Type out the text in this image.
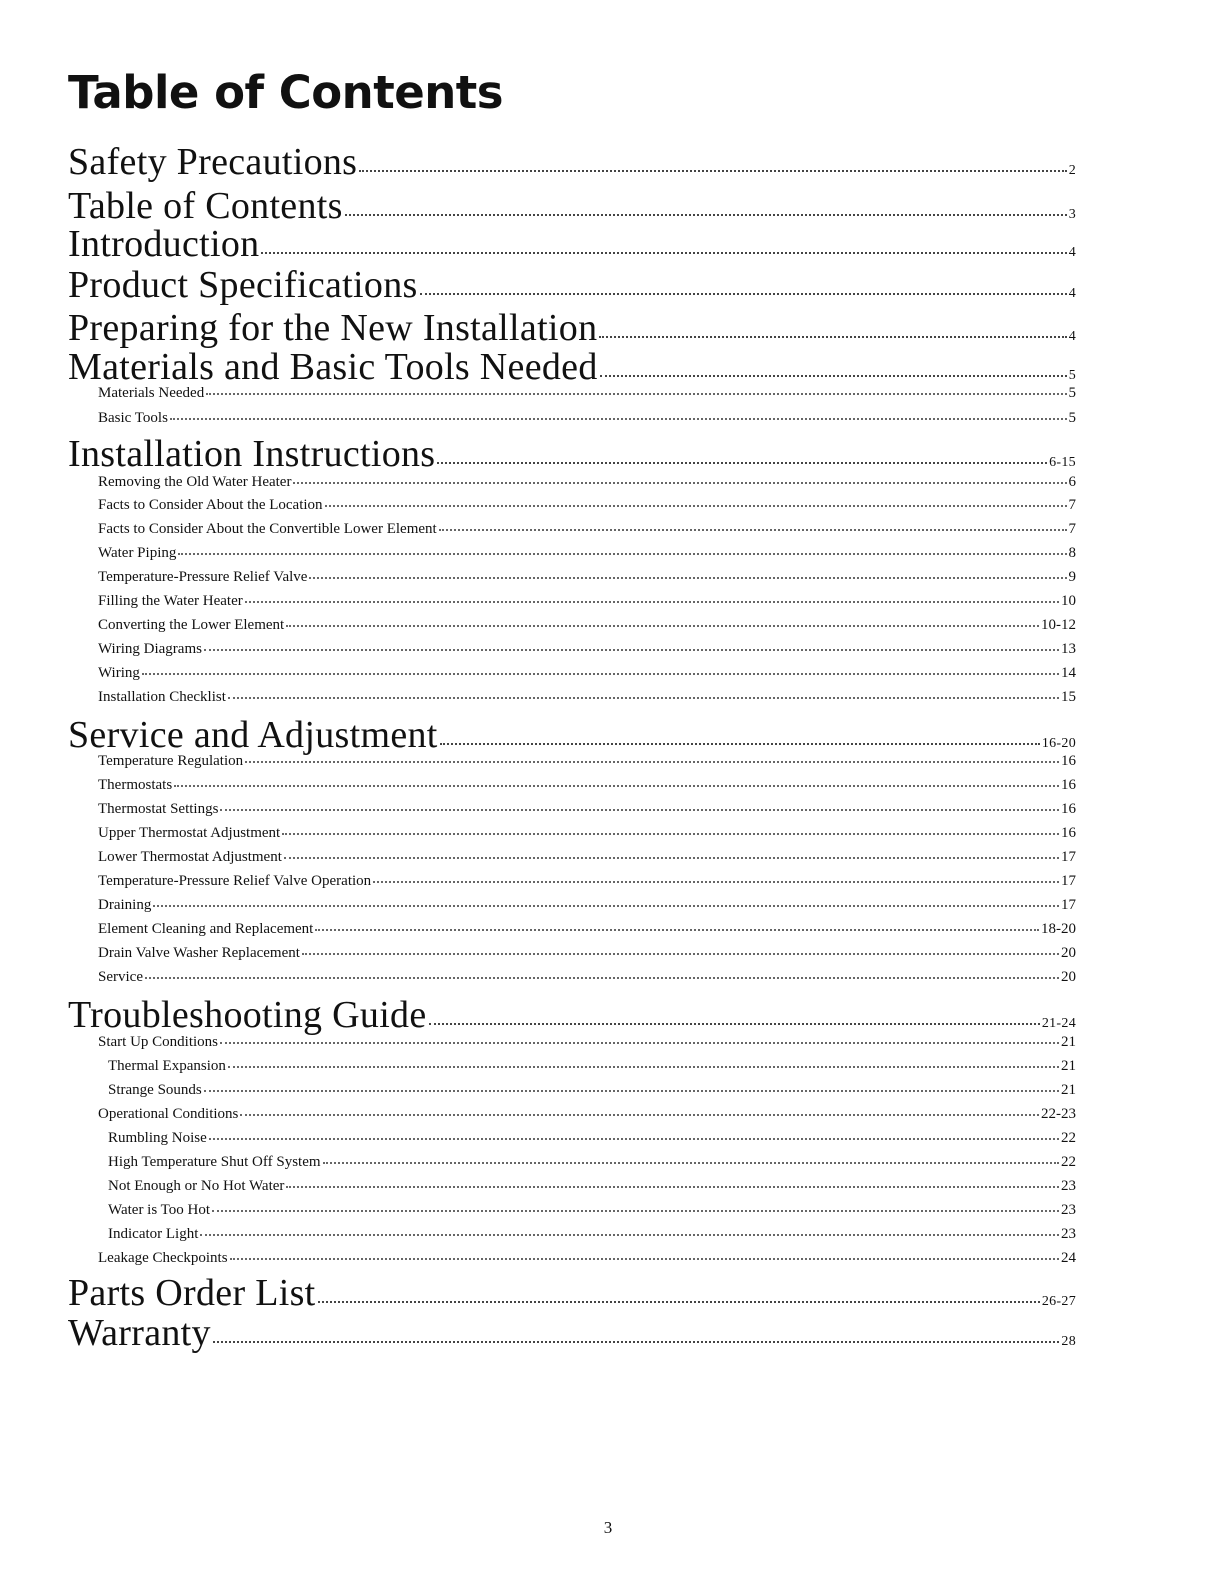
Table of Contents
Safety Precautions	2
Table of Contents	3
Introduction	4
Product Specifications	4
Preparing for the New Installation	4
Materials and Basic Tools Needed	5
Materials Needed	5
Basic Tools	5
Installation Instructions	6-15
Removing the Old Water Heater	6
Facts to Consider About the Location	7
Facts to Consider About the Convertible Lower Element	7
Water Piping	8
Temperature-Pressure Relief Valve	9
Filling the Water Heater	10
Converting the Lower Element	10-12
Wiring Diagrams	13
Wiring	14
Installation Checklist	15
Service and Adjustment	16-20
Temperature Regulation	16
Thermostats	16
Thermostat Settings	16
Upper Thermostat Adjustment	16
Lower Thermostat Adjustment	17
Temperature-Pressure Relief Valve Operation	17
Draining	17
Element Cleaning and Replacement	18-20
Drain Valve Washer Replacement	20
Service	20
Troubleshooting Guide	21-24
Start Up Conditions	21
Thermal Expansion	21
Strange Sounds	21
Operational Conditions	22-23
Rumbling Noise	22
High Temperature Shut Off System	22
Not Enough or No Hot Water	23
Water is Too Hot	23
Indicator Light	23
Leakage Checkpoints	24
Parts Order List	26-27
Warranty	28
3
